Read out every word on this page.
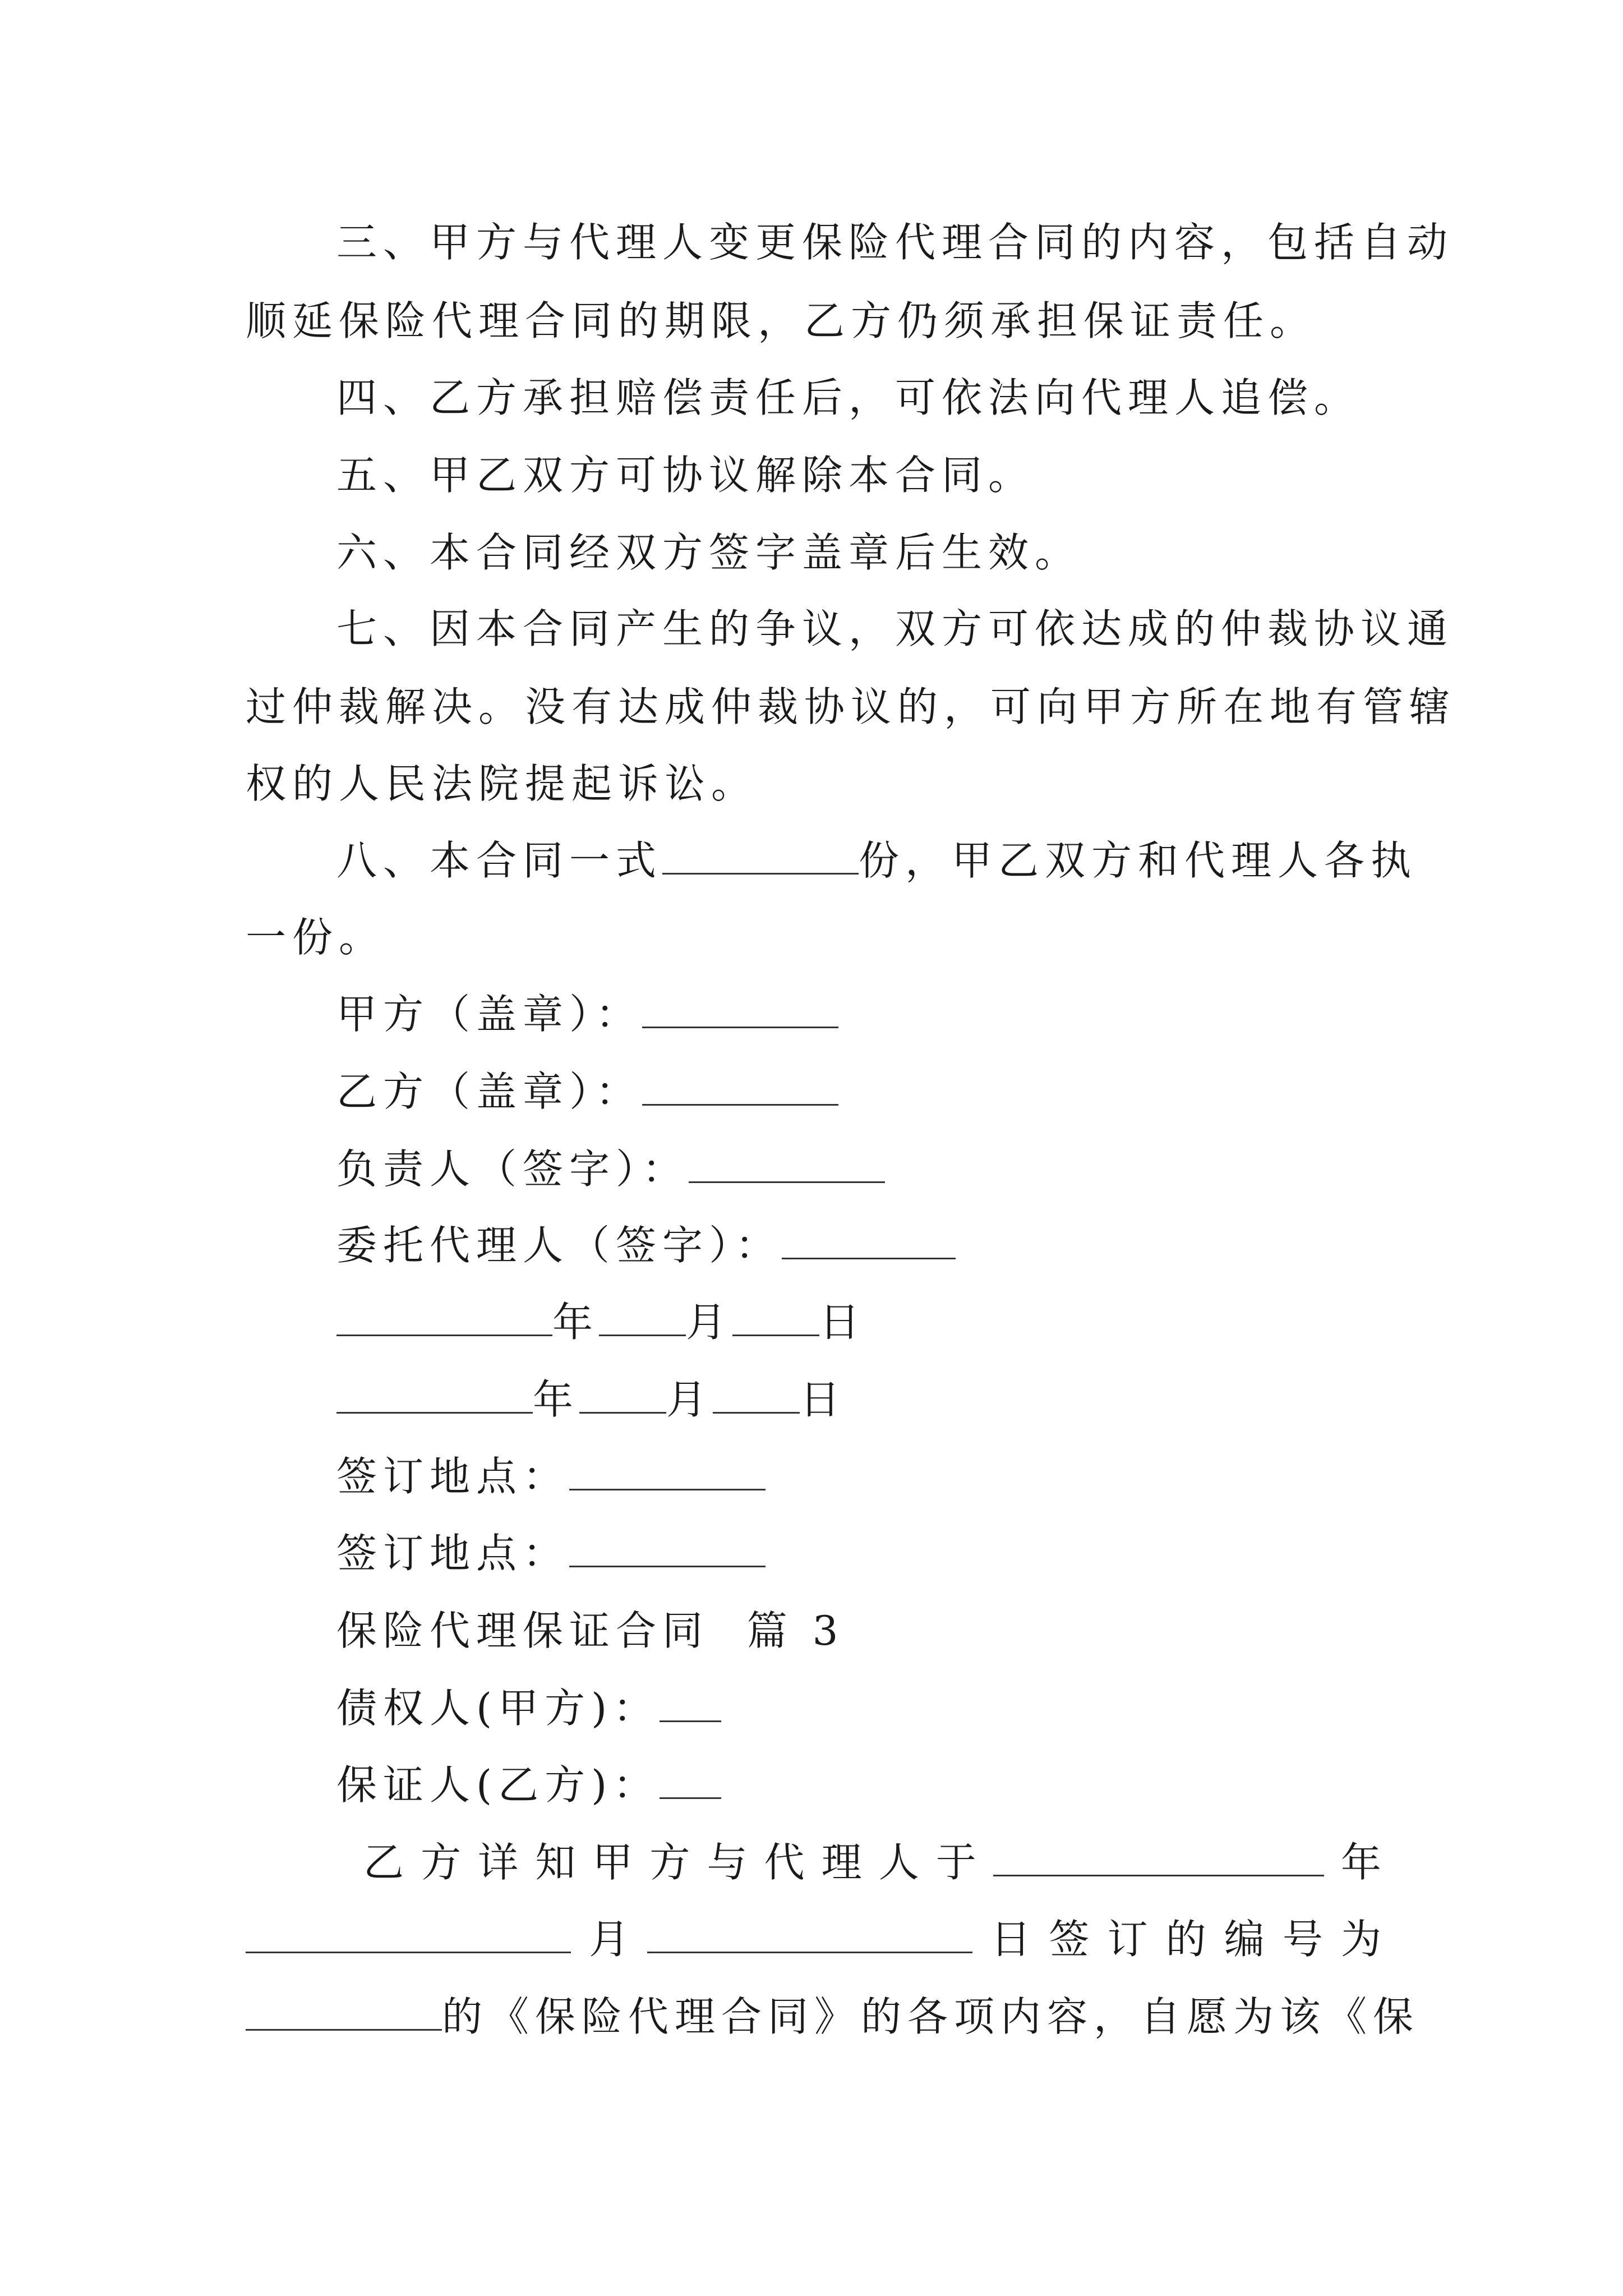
三、甲方与代理人变更保险代理合同的内容，包括自动
顺延保险代理合同的期限，乙方仍须承担保证责任。
四、乙方承担赔偿责任后，可依法向代理人追偿。
五、甲乙双方可协议解除本合同。
六、本合同经双方签字盖章后生效。
七、因本合同产生的争议，双方可依达成的仲裁协议通
过仲裁解决。没有达成仲裁协议的，可向甲方所在地有管辖
权的人民法院提起诉讼。
八、本合同一式	份，甲乙双方和代理人各执
一份。
甲方（盖章）：
乙方（盖章）：
负责人（签字）：
委托代理人（签字）：
年 月 日
年 月 日
签订地点：
签订地点：
保险代理保证合同  篇 3
债权人(甲方)：
保证人(乙方)：
乙 方 详 知 甲 方 与 代 理 人 于	年
月	日 签 订 的 编 号 为
的《保险代理合同》的各项内容，自愿为该《保
